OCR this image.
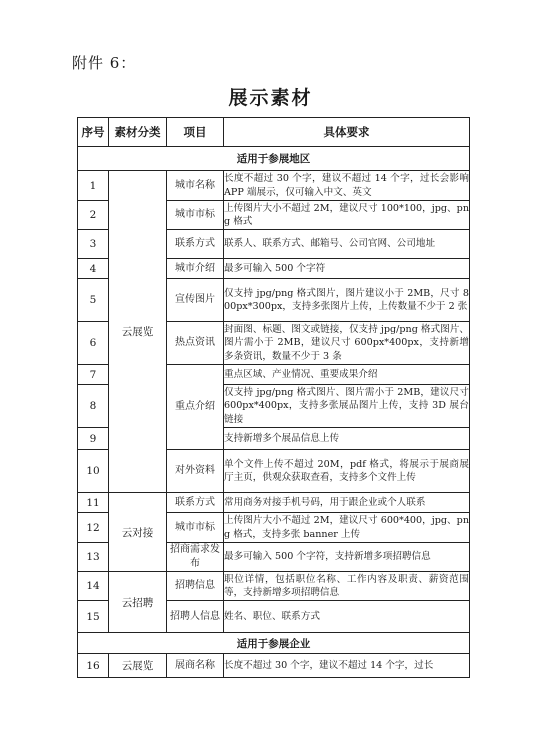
附件 6：
展示素材
序号	素材分类	项目	具体要求
适用于参展地区			
1	云展览	城市名称	长度不超过 30 个字，建议不超过 14 个字，过长会影响 APP 端展示，仅可输入中文、英文
2		城市市标	上传图片大小不超过 2M，建议尺寸 100*100，jpg、png 格式
3		联系方式	联系人、联系方式、邮箱号、公司官网、公司地址
4		城市介绍	最多可输入 500 个字符
5		宣传图片	仅支持 jpg/png 格式图片，图片建议小于 2MB，尺寸 800px*300px，支持多张图片上传，上传数量不少于 2 张
6		热点资讯	封面图、标题、图文或链接，仅支持 jpg/png 格式图片、图片需小于 2MB，建议尺寸 600px*400px，支持新增多条资讯，数量不少于 3 条
7		重点介绍	重点区域、产业情况、重要成果介绍
8			仅支持 jpg/png 格式图片、图片需小于 2MB，建议尺寸 600px*400px，支持多张展品图片上传，支持 3D 展台链接
9			支持新增多个展品信息上传
10		对外资料	单个文件上传不超过 20M，pdf 格式，将展示于展商展厅主页，供观众获取查看，支持多个文件上传
11	云对接	联系方式	常用商务对接手机号码，用于跟企业或个人联系
12		城市市标	上传图片大小不超过 2M，建议尺寸 600*400，jpg、png 格式，支持多张 banner 上传
13		招商需求发布	最多可输入 500 个字符，支持新增多项招聘信息
14	云招聘	招聘信息	职位详情，包括职位名称、工作内容及职责、薪资范围等，支持新增多项招聘信息
15		招聘人信息	姓名、职位、联系方式
适用于参展企业			
16	云展览	展商名称	长度不超过 30 个字，建议不超过 14 个字，过长
